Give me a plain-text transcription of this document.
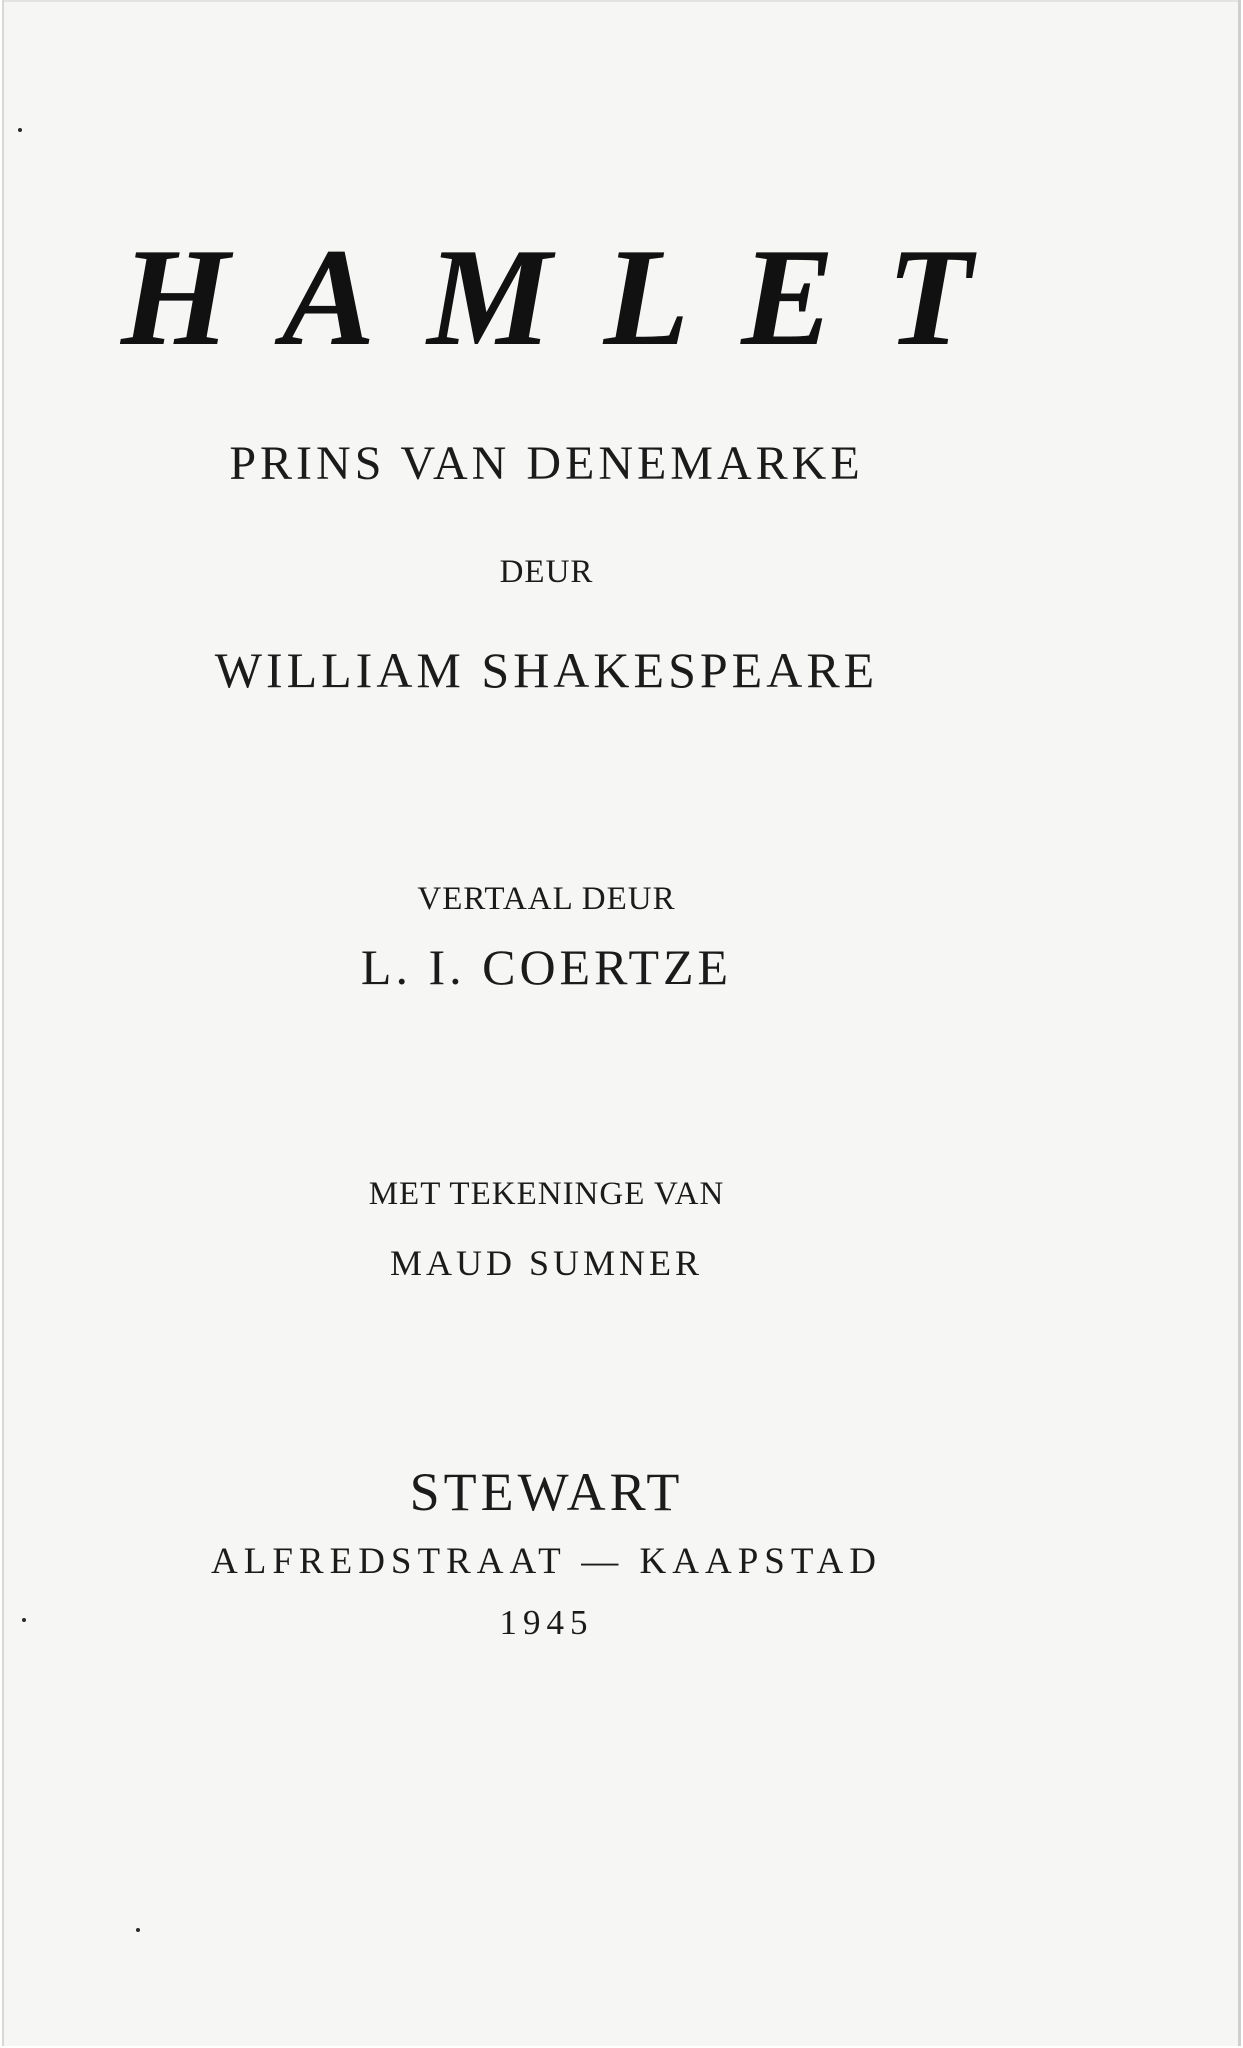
HAMLET
PRINS VAN DENEMARKE
DEUR
WILLIAM SHAKESPEARE
VERTAAL DEUR
L. I. COERTZE
MET TEKENINGE VAN
MAUD SUMNER
STEWART
ALFREDSTRAAT — KAAPSTAD
1945
